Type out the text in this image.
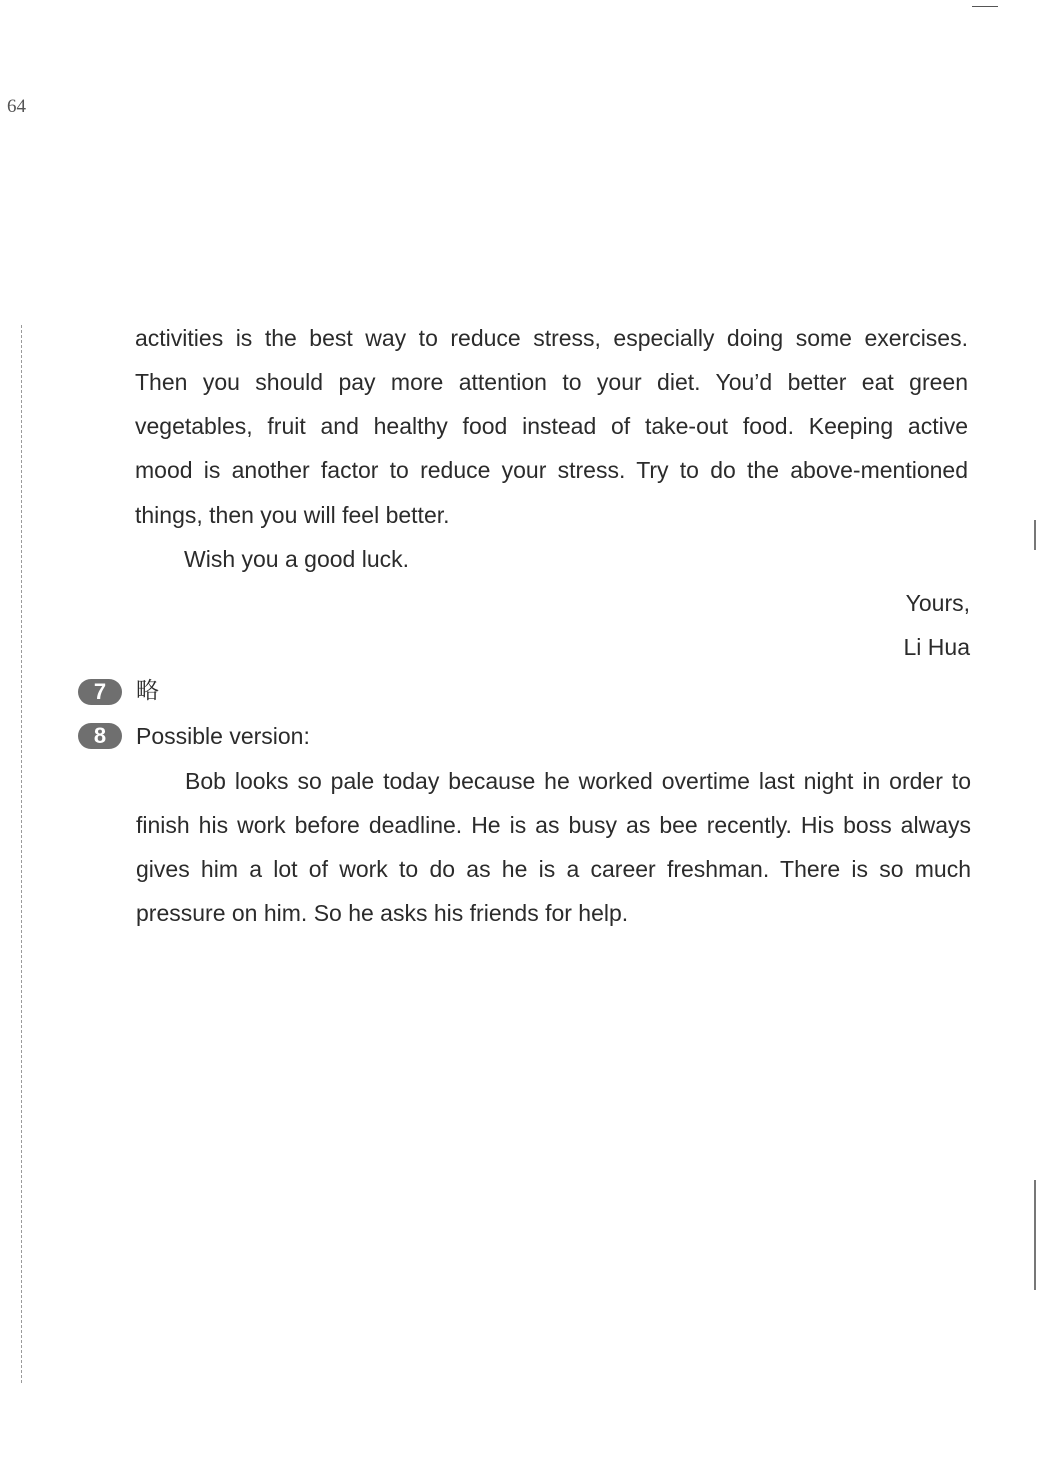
64
activities is the best way to reduce stress, especially doing some exercises.
Then you should pay more attention to your diet. You’d better eat green
vegetables, fruit and healthy food instead of take-out food. Keeping active
mood is another factor to reduce your stress. Try to do the above-mentioned
things, then you will feel better.
Wish you a good luck.
Yours,
Li Hua
7	略
8	Possible version:
Bob looks so pale today because he worked overtime last night in order to
finish his work before deadline. He is as busy as bee recently. His boss always
gives him a lot of work to do as he is a career freshman. There is so much
pressure on him. So he asks his friends for help.
